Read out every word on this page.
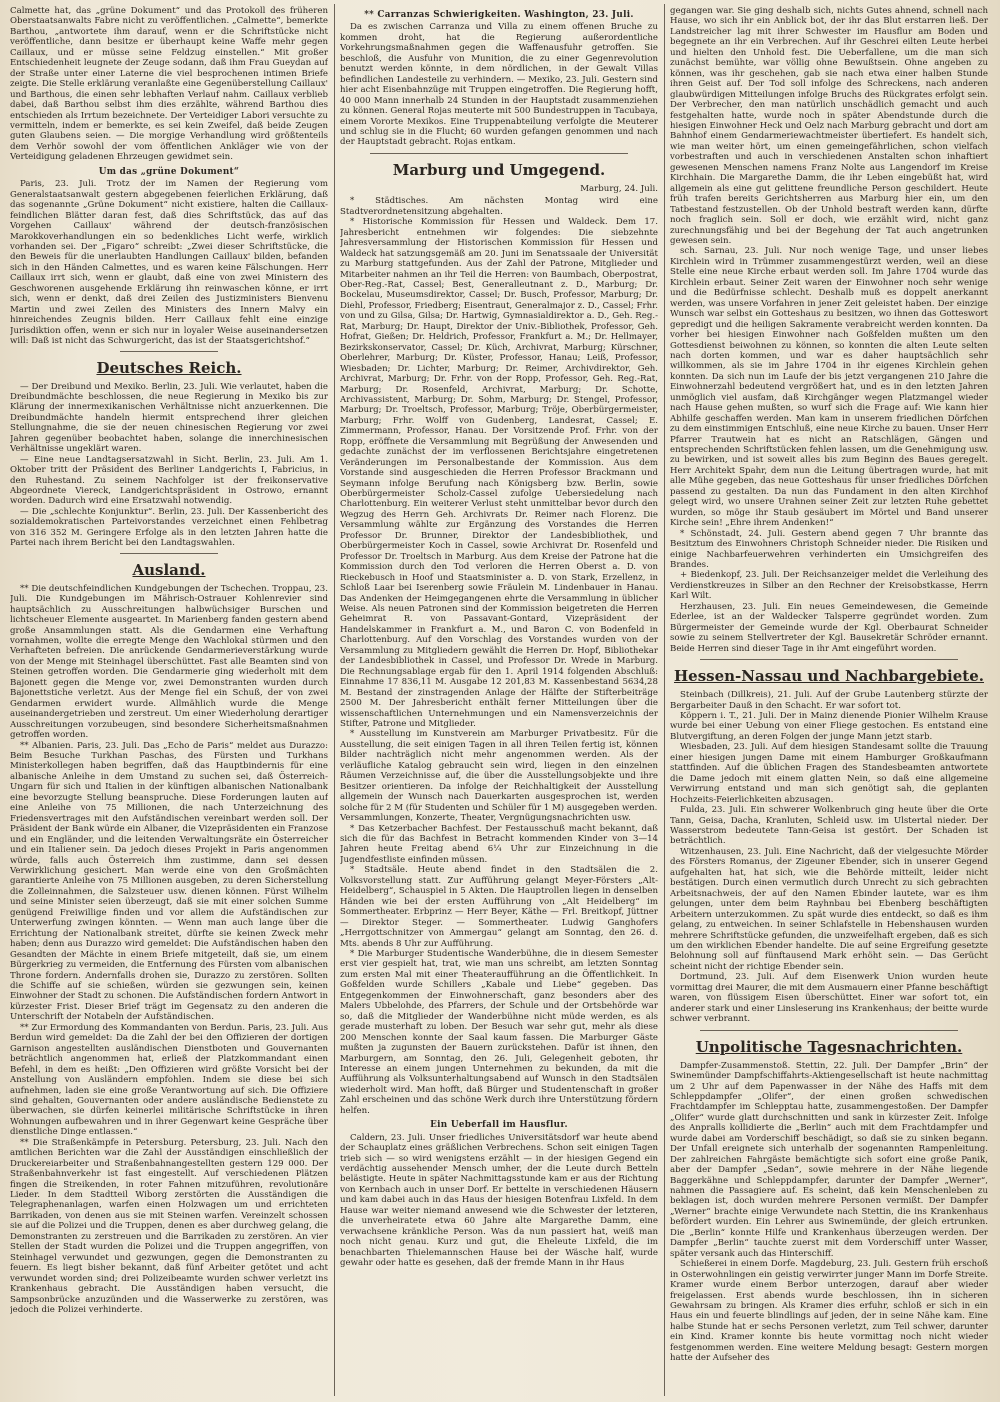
Calmette hat, das „grüne Dokument“ und das Protokoll des früheren Oberstaatsanwalts Fabre nicht zu veröffentlichen. „Calmette“, bemerkte Barthou, „antwortete ihm darauf, wenn er die Schriftstücke nicht veröffentliche, dann besitze er überhaupt keine Waffe mehr gegen Caillaux, und er müsse seine Feldzug einstellen.“ Mit großer Entschiedenheit leugnete der Zeuge sodann, daß ihm Frau Gueydan auf der Straße unter einer Laterne die viel besprochenen intimen Briefe zeigte. Die Stelle erklärung veranlaßte eine Gegenüberstellung Caillaux' und Barthous, die einen sehr lebhaften Verlauf nahm. Caillaux verblieb dabei, daß Barthou selbst ihm dies erzählte, während Barthou dies entschieden als Irrtum bezeichnete. Der Verteidiger Labori versuchte zu vermitteln, indem er bemerkte, es sei kein Zweifel, daß beide Zeugen guten Glaubens seien. — Die morgige Verhandlung wird größtenteils dem Verhör sowohl der vom öffentlichen Ankläger wie von der Verteidigung geladenen Ehrzeugen gewidmet sein.

Um das „grüne Dokument“

Paris, 23. Juli. Trotz der im Namen der Regierung vom Generalstaatsanwalt gestern abgegebenen feierlichen Erklärung, daß das sogenannte „Grüne Dokument“ nicht existiere, halten die Caillaux-feindlichen Blätter daran fest, daß dies Schriftstück, das auf das Vorgehen Caillaux' während der deutsch-französischen Marokkoverhandlungen ein so bedenkliches Licht werfe, wirklich vorhanden sei. Der „Figaro“ schreibt: „Zwei dieser Schriftstücke, die den Beweis für die unerlaubten Handlungen Caillaux' bilden, befanden sich in den Händen Calmettes, und es waren keine Fälschungen. Herr Caillaux irrt sich, wenn er glaubt, daß eine von zwei Ministern des Geschworenen ausgehende Erklärung ihn reinwaschen könne, er irrt sich, wenn er denkt, daß drei Zeilen des Justizministers Bienvenu Martin und zwei Zeilen des Ministers des Innern Malvy ein hinreichendes Zeugnis bilden. Herr Caillaux fehlt eine einzige Jurisdiktion offen, wenn er sich nur in loyaler Weise auseinandersetzen will: Daß ist nicht das Schwurgericht, das ist der Staatsgerichtshof.“

Deutsches Reich.

— Der Dreibund und Mexiko. Berlin, 23. Juli. Wie verlautet, haben die Dreibundmächte beschlossen, die neue Regierung in Mexiko bis zur Klärung der innermexikanischen Verhältnisse nicht anzuerkennen. Die Dreibundmächte handeln hiermit entsprechend ihrer gleichen Stellungnahme, die sie der neuen chinesischen Regierung vor zwei Jahren gegenüber beobachtet haben, solange die innerchinesischen Verhältnisse ungeklärt waren.

— Eine neue Landtagsersatzwahl in Sicht. Berlin, 23. Juli. Am 1. Oktober tritt der Präsident des Berliner Landgerichts I, Fabricius, in den Ruhestand. Zu seinem Nachfolger ist der freikonservative Abgeordnete Viereck, Landgerichtspräsident in Ostrowo, ernannt worden. Dadurch wird eine Ersatzwahl notwendig.

— Die „schlechte Konjunktur“. Berlin, 23. Juli. Der Kassenbericht des sozialdemokratischen Parteivorstandes verzeichnet einen Fehlbetrag von 316 352 M. Geringere Erfolge als in den letzten Jahren hatte die Partei nach ihrem Bericht bei den Landtagswahlen.

Ausland.

** Die deutschfeindlichen Kundgebungen der Tschechen. Troppau, 23. Juli. Die Kundgebungen im Mährisch-Ostrauer Kohlenrevier sind hauptsächlich zu Ausschreitungen halbwüchsiger Burschen und lichtscheuer Elemente ausgeartet. In Marienberg fanden gestern abend große Ansammlungen statt. Als die Gendarmen eine Verhaftung vornahmen, wollte die erregte Menge den Wachlokal stürmen und den Verhafteten befreien. Die anrückende Gendarmerieverstärkung wurde von der Menge mit Steinhagel überschüttet. Fast alle Beamten sind von Steinen getroffen worden. Die Gendarmerie ging wiederholt mit dem Bajonett gegen die Menge vor, zwei Demonstranten wurden durch Bajonettstiche verletzt. Aus der Menge fiel ein Schuß, der von zwei Gendarmen erwidert wurde. Allmählich wurde die Menge auseinandergetrieben und zerstreut. Um einer Wiederholung derartiger Ausschreitungen vorzubeugen, sind besondere Sicherheitsmaßnahmen getroffen worden.

** Albanien. Paris, 23. Juli. Das „Echo de Paris“ meldet aus Durazzo: Beim Besuche Turkhan Paschas, des Fürsten und Turkhans Ministerkollegen haben begriffen, daß das Hauptbindernis für eine albanische Anleihe in dem Umstand zu suchen sei, daß Österreich-Ungarn für sich und Italien in der künftigen albanischen Nationalbank eine bevorzugte Stellung beanspruche. Diese Forderungen lauten auf eine Anleihe von 75 Millionen, die nach Unterzeichnung des Friedensvertrages mit den Aufständischen vereinbart werden soll. Der Präsident der Bank würde ein Albaner, die Vizepräsidenten ein Franzose und ein Engländer, und die leitenden Verwaltungsräte ein Österreicher und ein Italiener sein. Da jedoch dieses Projekt in Paris angenommen würde, falls auch Österreich ihm zustimme, dann sei dessen Verwirklichung gesichert. Man werde eine von den Großmächten garantierte Anleihe von 75 Millionen ausgeben, zu deren Sicherstellung die Zolleinnahmen, die Salzsteuer usw. dienen können. Fürst Wilhelm und seine Minister seien überzeugt, daß sie mit einer solchen Summe genügend Freiwillige finden und vor allem die Aufständischen zur Unterwerfung zwingen könnten. — Wenn man auch lange über die Errichtung der Nationalbank streitet, dürfte sie keinen Zweck mehr haben; denn aus Durazzo wird gemeldet: Die Aufständischen haben den Gesandten der Mächte in einem Briefe mitgeteilt, daß sie, um einem Bürgerkrieg zu vermeiden, die Entfernung des Fürsten vom albanischen Throne fordern. Andernfalls drohen sie, Durazzo zu zerstören. Sollten die Schiffe auf sie schießen, würden sie gezwungen sein, keinen Einwohner der Stadt zu schonen. Die Aufständischen fordern Antwort in kürzester Frist. Dieser Brief trägt im Gegensatz zu den anderen die Unterschrift der Notabeln der Aufständischen.

** Zur Ermordung des Kommandanten von Berdun. Paris, 23. Juli. Aus Berdun wird gemeldet: Da die Zahl der bei den Offizieren der dortigen Garnison angestellten ausländischen Dienstboten und Gouvernanten beträchtlich angenommen hat, erließ der Platzkommandant einen Befehl, in dem es heißt: „Den Offizieren wird größte Vorsicht bei der Anstellung von Ausländern empfohlen. Indem sie diese bei sich aufnehmen, laden sie eine große Verantwortung auf sich. Die Offiziere sind gehalten, Gouvernanten oder andere ausländische Bedienstete zu überwachen, sie dürfen keinerlei militärische Schriftstücke in ihren Wohnungen aufbewahren und in ihrer Gegenwart keine Gespräche über dienstliche Dinge entlassen.“

** Die Straßenkämpfe in Petersburg. Petersburg, 23. Juli. Nach den amtlichen Berichten war die Zahl der Ausständigen einschließlich der Druckereiarbeiter und Straßenbahnangestellten gestern 129 000. Der Straßenbahnverkehr ist fast eingestellt. Auf verschiedenen Plätzen fingen die Streikenden, in roter Fahnen mitzuführen, revolutionäre Lieder. In dem Stadtteil Wiborg zerstörten die Ausständigen die Telegraphenanlagen, warfen einen Holzwagen um und errichteten Barrikaden, von denen aus sie mit Steinen warfen. Vereinzelt schossen sie auf die Polizei und die Truppen, denen es aber durchweg gelang, die Demonstranten zu zerstreuen und die Barrikaden zu zerstören. An vier Stellen der Stadt wurden die Polizei und die Truppen angegriffen, von Steinhagel verwundet und gezwungen, gegen die Demonstranten zu feuern. Es liegt bisher bekannt, daß fünf Arbeiter getötet und acht verwundet worden sind; drei Polizeibeamte wurden schwer verletzt ins Krankenhaus gebracht. Die Ausständigen haben versucht, die Sampsonbrücke anzuzünden und die Wasserwerke zu zerstören, was jedoch die Polizei verhinderte.

** Carranzas Schwierigkeiten. Washington, 23. Juli.

Da es zwischen Carranza und Villa zu einem offenen Bruche zu kommen droht, hat die Regierung außerordentliche Vorkehrungsmaßnahmen gegen die Waffenausfuhr getroffen. Sie beschloß, die Ausfuhr von Munition, die zu einer Gegenrevolution benutzt werden könnte, in dem nördlichen, in der Gewalt Villas befindlichen Landesteile zu verhindern. — Mexiko, 23. Juli. Gestern sind hier acht Eisenbahnzüge mit Truppen eingetroffen. Die Regierung hofft, 40 000 Mann innerhalb 24 Stunden in der Hauptstadt zusammenziehen zu können. General Rojas meuterte mit 500 Bundestruppen in Tacubaya, einem Vororte Mexikos. Eine Truppenabteilung verfolgte die Meuterer und schlug sie in die Flucht; 60 wurden gefangen genommen und nach der Hauptstadt gebracht. Rojas entkam.

Marburg und Umgegend.
Marburg, 24. Juli.

* Städtisches. Am nächsten Montag wird eine Stadtverordnetensitzung abgehalten.

* Historische Kommission für Hessen und Waldeck. Dem 17. Jahresbericht entnehmen wir folgendes: Die siebzehnte Jahresversammlung der Historischen Kommission für Hessen und Waldeck hat satzungsgemäß am 20. Juni im Senatssaale der Universität zu Marburg stattgefunden. Aus der Zahl der Patrone, Mitglieder und Mitarbeiter nahmen an ihr Teil die Herren: von Baumbach, Oberpostrat, Ober-Reg.-Rat, Cassel; Best, Generalleutnant z. D., Marburg; Dr. Bockelau, Museumsdirektor, Cassel; Dr. Busch, Professor, Marburg; Dr. Diehl, Professor, Friedberg; Eisentraut, Generalmajor z. D., Cassel; Frhr. von und zu Gilsa, Gilsa; Dr. Hartwig, Gymnasialdirektor a. D., Geh. Reg.-Rat, Marburg; Dr. Haupt, Direktor der Univ.-Bibliothek, Professor, Geh. Hofrat, Gießen; Dr. Heldrich, Professor, Frankfurt a. M.; Dr. Hellmayer, Bezirkskonservator, Cassel; Dr. Küch, Archivrat, Marburg; Kürschner, Oberlehrer, Marburg; Dr. Küster, Professor, Hanau; Leiß, Professor, Wiesbaden; Dr. Lichter, Marburg; Dr. Reimer, Archivdirektor, Geh. Archivrat, Marburg; Dr. Frhr. von der Ropp, Professor, Geh. Reg.-Rat, Marburg; Dr. Rosenfeld, Archivrat, Marburg; Dr. Schotte, Archivassistent, Marburg; Dr. Sohm, Marburg; Dr. Stengel, Professor, Marburg; Dr. Troeltsch, Professor, Marburg; Tröje, Oberbürgermeister, Marburg; Frhr. Wolff von Gudenberg, Landesrat, Cassel; E. Zimmermann, Professor, Hanau. Der Vorsitzende Prof. Frhr. von der Ropp, eröffnete die Versammlung mit Begrüßung der Anwesenden und gedachte zunächst der im verflossenen Berichtsjahre eingetretenen Veränderungen im Personalbestande der Kommission. Aus dem Vorstande sind ausgeschieden die Herren Professor Brackmann und Seymann infolge Berufung nach Königsberg bzw. Berlin, sowie Oberbürgermeister Scholz-Cassel zufolge Uebersiedelung nach Charlottenburg. Ein weiterer Verlust steht unmittelbar bevor durch den Wegzug des Herrn Geh. Archivrats Dr. Reimer nach Florenz. Die Versammlung wählte zur Ergänzung des Vorstandes die Herren Professor Dr. Brunner, Direktor der Landesbibliothek, und Oberbürgermeister Koch in Cassel, sowie Archivrat Dr. Rosenfeld und Professor Dr. Troeltsch in Marburg. Aus dem Kreise der Patrone hat die Kommission durch den Tod verloren die Herren Oberst a. D. von Rieckebusch in Hoof und Staatsminister a. D. von Stark, Erzellenz, in Schloß Laar bei Iserenberg sowie Fräulein M. Lindenbauer in Hanau. Das Andenken der Heimgegangenen ehrte die Versammlung in üblicher Weise. Als neuen Patronen sind der Kommission beigetreten die Herren Geheimrat R. von Passavant-Gontard, Vizepräsident der Handelskammer in Frankfurt a. M., und Baron C. von Bodenfeld in Charlottenburg. Auf den Vorschlag des Vorstandes wurden von der Versammlung zu Mitgliedern gewählt die Herren Dr. Hopf, Bibliothekar der Landesbibliothek in Cassel, und Professor Dr. Wrede in Marburg. Die Rechnungsablage ergab für den 1. April 1914 folgenden Abschluß: Einnahme 17 836,11 M. Ausgabe 12 201,83 M. Kassenbestand 5634,28 M. Bestand der zinstragenden Anlage der Hälfte der Stifterbeiträge 2500 M. Der Jahresbericht enthält ferner Mitteilungen über die wissenschaftlichen Unternehmungen und ein Namensverzeichnis der Stifter, Patrone und Mitglieder.

* Ausstellung im Kunstverein am Marburger Privatbesitz. Für die Ausstellung, die seit einigen Tagen in all ihren Teilen fertig ist, können Bilder nachträglich nicht mehr angenommen werden. Als der verläufliche Katalog gebraucht sein wird, liegen in den einzelnen Räumen Verzeichnisse auf, die über die Ausstellungsobjekte und ihre Besitzer orientieren. Da infolge der Reichhaltigkeit der Ausstellung allgemein der Wunsch nach Dauerkarten ausgesprochen ist, werden solche für 2 M (für Studenten und Schüler für 1 M) ausgegeben werden.

Versammlungen, Konzerte, Theater, Vergnügungsnachrichten usw.

* Das Ketzerbacher Bachfest. Der Festausschuß macht bekannt, daß sich die für das Bachfest in Betracht kommenden Kinder von 3—14 Jahren heute Freitag abend 6¼ Uhr zur Einzeichnung in die Jugendfestliste einfinden müssen.

* Stadtsäle. Heute abend findet in den Stadtsälen die 2. Volksvorstellung statt. Zur Aufführung gelangt Meyer-Försters „Alt-Heidelberg“, Schauspiel in 5 Akten. Die Hauptrollen liegen in denselben Händen wie bei der ersten Aufführung von „Alt Heidelberg“ im Sommertheater. Erbprinz — Herr Beyer, Käthe — Frl. Breitkopf, Jüttner — Direktor Steger. — Sommertheater. Ludwig Ganghofers „Herrgottschnitzer von Ammergau“ gelangt am Sonntag, den 26. d. Mts. abends 8 Uhr zur Aufführung.

* Die Marburger Studentische Wanderbühne, die in diesem Semester erst vier gespielt hat, trat, wie man uns schreibt, am letzten Sonntag zum ersten Mal mit einer Theateraufführung an die Öffentlichkeit. In Goßfelden wurde Schillers „Kabale und Liebe“ gegeben. Das Entgegenkommen der Einwohnerschaft, ganz besonders aber des Malers Ubbelohde, des Pfarrers, der Schule und der Ortsbehörde war so, daß die Mitglieder der Wanderbühne nicht müde werden, es als gerade musterhaft zu loben. Der Besuch war sehr gut, mehr als diese 200 Menschen konnte der Saal kaum fassen. Die Marburger Gäste mußten ja zugunsten der Bauern zurückstehen. Dafür ist ihnen, den Marburgern, am Sonntag, den 26. Juli, Gelegenheit geboten, ihr Interesse an einem jungen Unternehmen zu bekunden, da mit die Aufführung als Volksunterhaltungsabend auf Wunsch in den Stadtsälen wiederholt wird. Man hofft, daß Bürger und Studentenschaft in großer Zahl erscheinen und das schöne Werk durch ihre Unterstützung fördern helfen.

Ein Ueberfall im Hausflur.

Caldern, 23. Juli. Unser friedliches Universitätsdorf war heute abend der Schauplatz eines gräßlichen Verbrechens. Schon seit einigen Tagen trieb sich — so wird wenigstens erzählt — in der hiesigen Gegend ein verdächtig aussehender Mensch umher, der die Leute durch Betteln belästigte. Heute in später Nachmittagsstunde kam er aus der Richtung von Kernbach auch in unser Dorf. Er bettelte in verschiedenen Häusern und kam dabei auch in das Haus der hiesigen Botenfrau Lixfeld. In dem Hause war weiter niemand anwesend wie die Schwester der letzteren, die unverheiratete etwa 60 Jahre alte Margarethe Damm, eine verwachsene kränkliche Person. Was da nun passiert hat, weiß man noch nicht genau. Kurz und gut, die Eheleute Lixfeld, die im benachbarten Thielemannschen Hause bei der Wäsche half, wurde gewahr oder hatte es gesehen, daß der fremde Mann in ihr Haus

gegangen war. Sie ging deshalb sich, nichts Gutes ahnend, schnell nach Hause, wo sich ihr ein Anblick bot, der ihr das Blut erstarren ließ. Der Landstreicher lag mit ihrer Schwester im Hausflur am Boden und begegnete an ihr ein Verbrechen. Auf ihr Geschrei eilten Leute herbei und hielten den Unhold fest. Die Ueberfallene, um die man sich zunächst bemühte, war völlig ohne Bewußtsein. Ohne angeben zu können, was ihr geschehen, gab sie nach etwa einer halben Stunde ihren Geist auf. Der Tod soll infolge des Schreckens, nach anderen glaubwürdigen Mitteilungen infolge Bruchs des Rückgrates erfolgt sein. Der Verbrecher, den man natürlich unschädlich gemacht und auch festgehalten hatte, wurde noch in später Abendstunde durch die hiesigen Einwohner Heck und Oelz nach Marburg gebracht und dort am Bahnhof einem Gendarmeriewachtmeister übertiefert. Es handelt sich, wie man weiter hört, um einen gemeingefährlichen, schon vielfach vorbestraften und auch in verschiedenen Anstalten schon inhaftiert gewesenen Menschen namens Franz Nolte aus Langendorf im Kreise Kirchhain. Die Margarethe Damm, die ihr Leben eingebüßt hat, wird allgemein als eine gut gelittene freundliche Person geschildert. Heute früh trafen bereits Gerichtsherren aus Marburg hier ein, um den Tatbestand festzustellen. Ob der Unhold bestraft werden kann, dürfte noch fraglich sein. Soll er doch, wie erzählt wird, nicht ganz zurechnungsfähig und bei der Begehung der Tat auch angetrunken gewesen sein.

sch. Sarnau, 23. Juli. Nur noch wenige Tage, und unser liebes Kirchlein wird in Trümmer zusammengestürzt werden, weil an diese Stelle eine neue Kirche erbaut werden soll. Im Jahre 1704 wurde das Kirchlein erbaut. Seiner Zeit waren der Einwohner noch sehr wenige und die Bedürfnisse schlecht. Deshalb muß es doppelt anerkannt werden, was unsere Vorfahren in jener Zeit geleistet haben. Der einzige Wunsch war selbst ein Gotteshaus zu besitzen, wo ihnen das Gotteswort gepredigt und die heiligen Sakramente verabreicht werden konnten. Da vorher bei hiesigen Einwohner nach Goßfelden mußten um den Gottesdienst beiwohnen zu können, so konnten die alten Leute selten nach dorten kommen, und war es daher hauptsächlich sehr willkommen, als sie im Jahre 1704 in ihr eigenes Kirchlein gehen konnten. Da sich nun im Laufe der bis jetzt vergangenen 210 Jahre die Einwohnerzahl bedeutend vergrößert hat, und es in den letzten Jahren unmöglich viel ausfam, daß Kirchgänger wegen Platzmangel wieder nach Hause gehen mußten, so wurf sich die Frage auf: Wie kann hier Abhilfe geschaffen werden. Man kam in unserem friedlichen Dörfchen zu dem einstimmigen Entschluß, eine neue Kirche zu bauen. Unser Herr Pfarrer Trautwein hat es nicht an Ratschlägen, Gängen und entsprechenden Schriftstücken fehlen lassen, um die Genehmigung usw. zu bewirken, und ist soweit alles bis zum Beginn des Baues geregelt. Herr Architekt Spahr, dem nun die Leitung übertragen wurde, hat mit alle Mühe gegeben, das neue Gotteshaus für unser friedliches Dörfchen passend zu gestalten. Da nun das Fundament in den alten Kirchhof gelegt wird, wo unsere Urahnen seiner Zeit zur letzten Ruhe gebettet wurden, so möge ihr Staub gesäubert im Mörtel und Band unserer Kirche sein! „Ehre ihrem Andenken!“

* Schönstadt, 24. Juli. Gestern abend gegen 7 Uhr brannte das Besitztum des Einwohners Christoph Schneider nieder. Die Risiken und einige Nachbarfeuerwehren verhinderten ein Umsichgreifen des Brandes.

+ Biedenkopf, 23. Juli. Der Reichsanzeiger meldet die Verleihung des Verdienstkreuzes in Silber an den Rechner der Kreisobstkasse, Herrn Karl Wilt.

Herzhausen, 23. Juli. Ein neues Gemeindewesen, die Gemeinde Ederlee, ist an der Waldecker Talsperre gegründet worden. Zum Bürgermeister der Gemeinde wurde der Kgl. Oberbaurat Schneider sowie zu seinem Stellvertreter der Kgl. Bausekretär Schröder ernannt. Beide Herren sind dieser Tage in ihr Amt eingeführt worden.

Hessen-Nassau und Nachbargebiete.

Steinbach (Dillkreis), 21. Juli. Auf der Grube Lautenberg stürzte der Bergarbeiter Dauß in den Schacht. Er war sofort tot.

Köppern i. T., 21. Juli. Der in Mainz dienende Pionier Wilhelm Krause wurde bei einer Uebung von einer Fliege gestochen. Es entstand eine Blutvergiftung, an deren Folgen der junge Mann jetzt starb.

Wiesbaden, 23. Juli. Auf dem hiesigen Standesamt sollte die Trauung einer hiesigen jungen Dame mit einem Hamburger Großkaufmann stattfinden. Auf die üblichen Fragen des Standesbeamten antwortete die Dame jedoch mit einem glatten Nein, so daß eine allgemeine Verwirrung entstand und man sich genötigt sah, die geplanten Hochzeits-Feierlichkeiten abzusagen.

Fulda, 23. Juli. Ein schwerer Wolkenbruch ging heute über die Orte Tann, Geisa, Dacha, Kranluten, Schleid usw. im Ulstertal nieder. Der Wasserstrom bedeutete Tann-Geisa ist gestört. Der Schaden ist beträchtlich.

Witzenhausen, 23. Juli. Eine Nachricht, daß der vielgesuchte Mörder des Försters Romanus, der Zigeuner Ebender, sich in unserer Gegend aufgehalten hat, hat sich, wie die Behörde mitteilt, leider nicht bestätigen. Durch einen vermutlich durch Unrecht zu sich gebrachten Arbeitsnachweis, der auf den Namen Ebinder lautete, war es ihm gelungen, unter dem beim Rayhnbau bei Ebenberg beschäftigten Arbeitern unterzukommen. Zu spät wurde dies entdeckt, so daß es ihm gelang, zu entweichen. In seiner Schlafstelle in Hebenshausen wurden mehrere Schriftstücke gefunden, die unzweifelhaft ergeben, daß es sich um den wirklichen Ebender handelte. Die auf seine Ergreifung gesetzte Belohnung soll auf fünftausend Mark erhöht sein. — Das Gerücht scheint nicht der richtige Ebender sein.

Dortmund, 23. Juli. Auf dem Eisenwerk Union wurden heute vormittag drei Maurer, die mit dem Ausmauern einer Pfanne beschäftigt waren, von flüssigem Eisen überschüttet. Einer war sofort tot, ein anderer stark und einer Linsleserung ins Krankenhaus; der beitte wurde schwer verbrannt.

Unpolitische Tagesnachrichten.

Dampfer-Zusammenstoß. Stettin, 22. Juli. Der Dampfer „Brin“ der Swinemünder Dampfschiffahrts-Aktiengesellschaft ist heute nachmittag um 2 Uhr auf dem Papenwasser in der Nähe des Haffs mit dem Schleppdampfer „Olifer“, der einen großen schwedischen Frachtdampfer im Schlepptau hatte, zusammengestoßen. Der Dampfer „Olifer“ wurde glatt durchschnitten und sank in kürzester Zeit. Infolge des Anpralls kollidierte die „Berlin“ auch mit dem Frachtdampfer und wurde dabei am Vorderschiff beschädigt, so daß sie zu sinken begann. Der Unfall ereignete sich unterhalb der sogenannten Rampenleitung. Der zahlreichen Fahrgäste bemächtigte sich sofort eine große Panik, aber der Dampfer „Sedan“, sowie mehrere in der Nähe liegende Baggerkähne und Schleppdampfer, darunter der Dampfer „Werner“, nahmen die Passagiere auf. Es scheint, daß kein Menschenleben zu beklagen ist, doch wurden mehrere Personen vermißt. Der Dampfer „Werner“ brachte einige Verwundete nach Stettin, die ins Krankenhaus befördert wurden. Ein Lehrer aus Swinemünde, der gleich ertrunken. Die „Berlin“ konnte Hilfe und Krankenhaus überzeugen werden. Der Dampfer „Berlin“ tauchte zuerst mit dem Vorderschiff unter Wasser, später versank auch das Hinterschiff.

Schießerei in einem Dorfe. Magdeburg, 23. Juli. Gestern früh erschoß in Osterwohnlingen ein geistig verwirrter junger Mann im Dorfe Streite. Kramer wurde einem Berbor unterzogen, darauf aber wieder freigelassen. Erst abends wurde beschlossen, ihn in sicheren Gewahrsam zu bringen. Als Kramer dies erfuhr, schloß er sich in ein Haus ein und feuerte blindlings auf jeden, der in seine Nähe kam. Eine halbe Stunde hat er sechs Personen verletzt, zum Teil schwer, darunter ein Kind. Kramer konnte bis heute vormittag noch nicht wieder festgenommen werden. Eine weitere Meldung besagt: Gestern morgen hatte der Aufseher des
